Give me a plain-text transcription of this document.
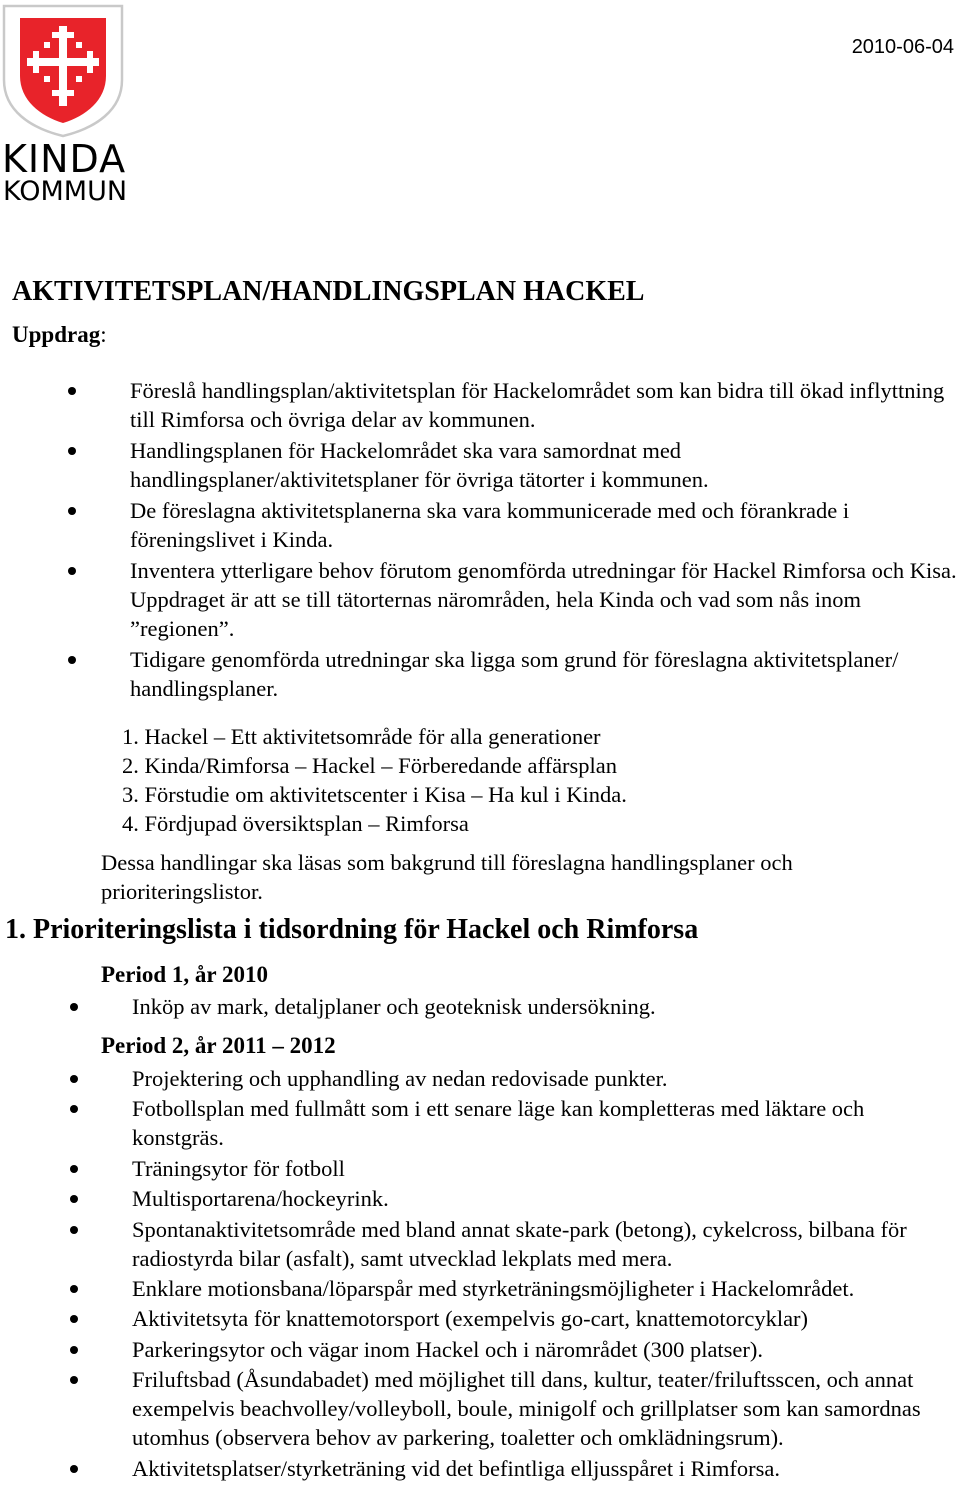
KINDA
KOMMUN
2010-06-04
AKTIVITETSPLAN/HANDLINGSPLAN HACKEL

Uppdrag:

Föreslå handlingsplan/aktivitetsplan för Hackelområdet som kan bidra till ökad inflyttning till Rimforsa och övriga delar av kommunen.
Handlingsplanen för Hackelområdet ska vara samordnat med handlingsplaner/aktivitetsplaner för övriga tätorter i kommunen.
De föreslagna aktivitetsplanerna ska vara kommunicerade med och förankrade i föreningslivet i Kinda.
Inventera ytterligare behov förutom genomförda utredningar för Hackel Rimforsa och Kisa. Uppdraget är att se till tätorternas närområden, hela Kinda och vad som nås inom ”regionen”.
Tidigare genomförda utredningar ska ligga som grund för föreslagna aktivitetsplaner/ handlingsplaner.
1. Hackel – Ett aktivitetsområde för alla generationer
2. Kinda/Rimforsa – Hackel – Förberedande affärsplan
3. Förstudie om aktivitetscenter i Kisa – Ha kul i Kinda.
4. Fördjupad översiktsplan – Rimforsa

Dessa handlingar ska läsas som bakgrund till föreslagna handlingsplaner och prioriteringslistor.

1. Prioriteringslista i tidsordning för Hackel och Rimforsa
Period 1, år 2010
Inköp av mark, detaljplaner och geoteknisk undersökning.
Period 2, år 2011 – 2012
Projektering och upphandling av nedan redovisade punkter.
Fotbollsplan med fullmått som i ett senare läge kan kompletteras med läktare och konstgräs.
Träningsytor för fotboll
Multisportarena/hockeyrink.
Spontanaktivitetsområde med bland annat skate-park (betong), cykelcross, bilbana för radiostyrda bilar (asfalt), samt utvecklad lekplats med mera.
Enklare motionsbana/löparspår med styrketräningsmöjligheter i Hackelområdet.
Aktivitetsyta för knattemotorsport (exempelvis go-cart, knattemotorcyklar)
Parkeringsytor och vägar inom Hackel och i närområdet (300 platser).
Friluftsbad (Åsundabadet) med möjlighet till dans, kultur, teater/friluftsscen, och annat exempelvis beachvolley/volleyboll, boule, minigolf och grillplatser som kan samordnas utomhus (observera behov av parkering, toaletter och omklädningsrum).
Aktivitetsplatser/styrketräning vid det befintliga elljusspåret i Rimforsa.
